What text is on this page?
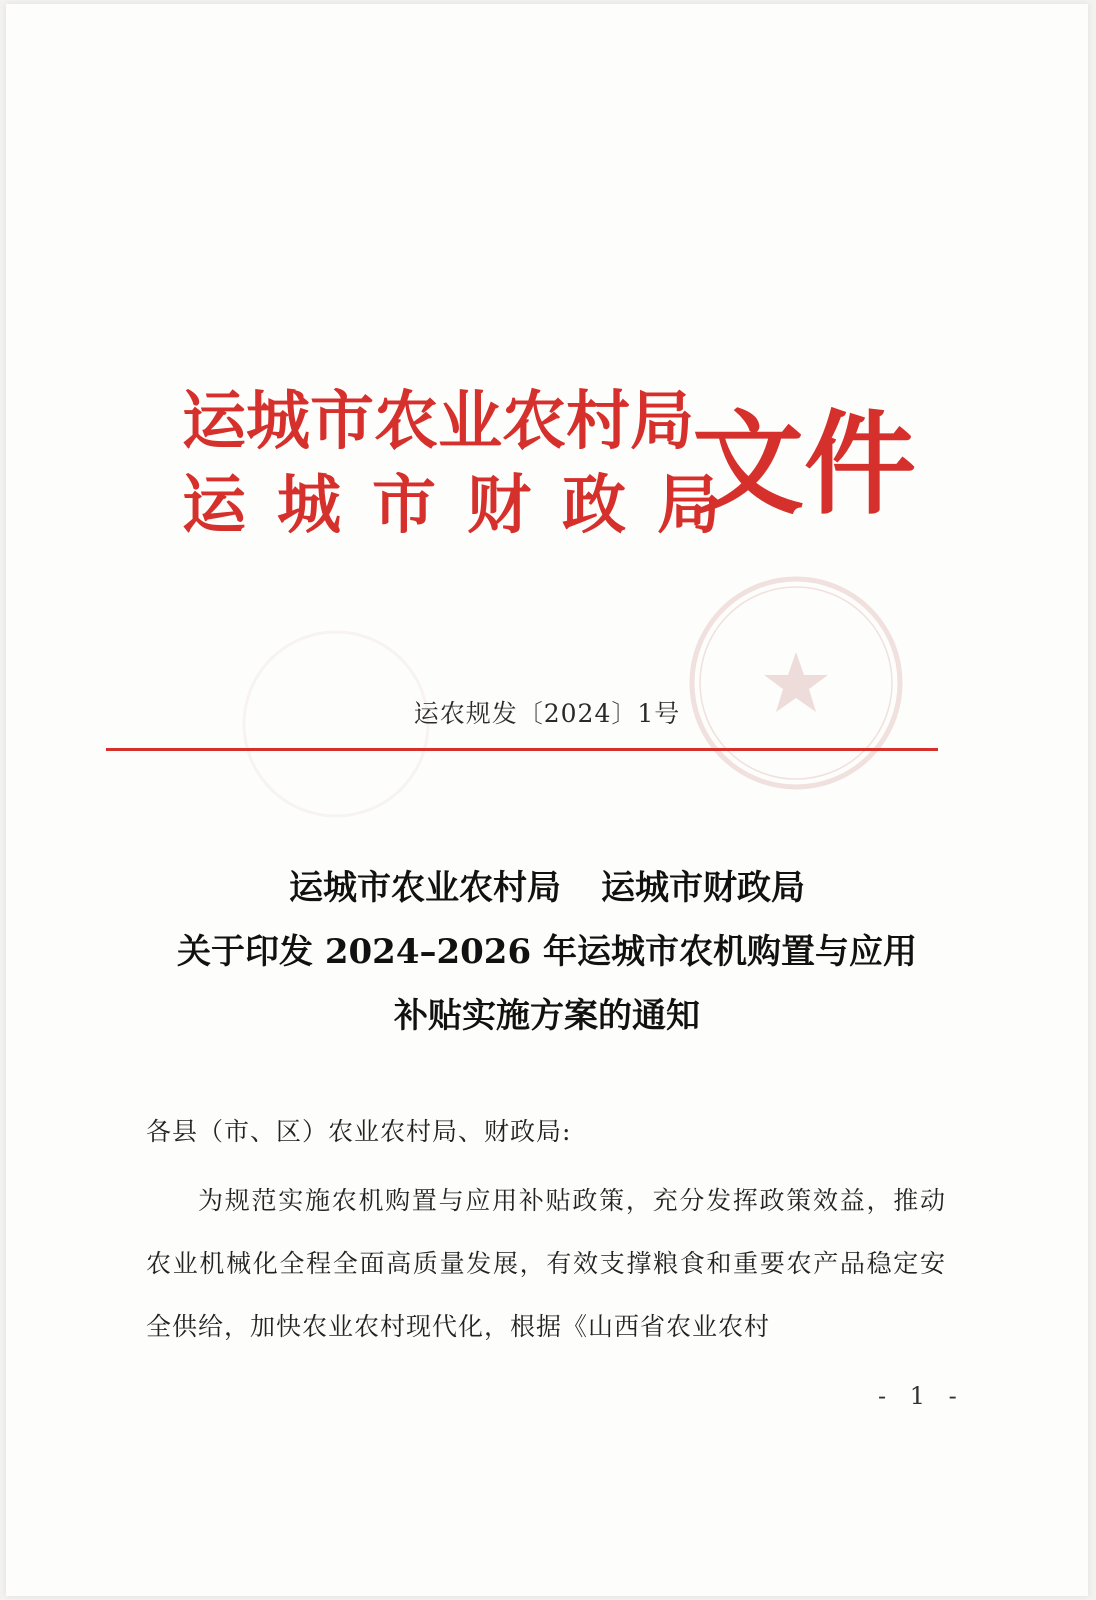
运城市农业农村局
运城市财政局
文件
运农规发〔2024〕1号
运城市农业农村局 运城市财政局
关于印发 2024–2026 年运城市农机购置与应用
补贴实施方案的通知
各县（市、区）农业农村局、财政局:
为规范实施农机购置与应用补贴政策，充分发挥政策效益，推动农业机械化全程全面高质量发展，有效支撑粮食和重要农产品稳定安全供给，加快农业农村现代化，根据《山西省农业农村
- 1 -
